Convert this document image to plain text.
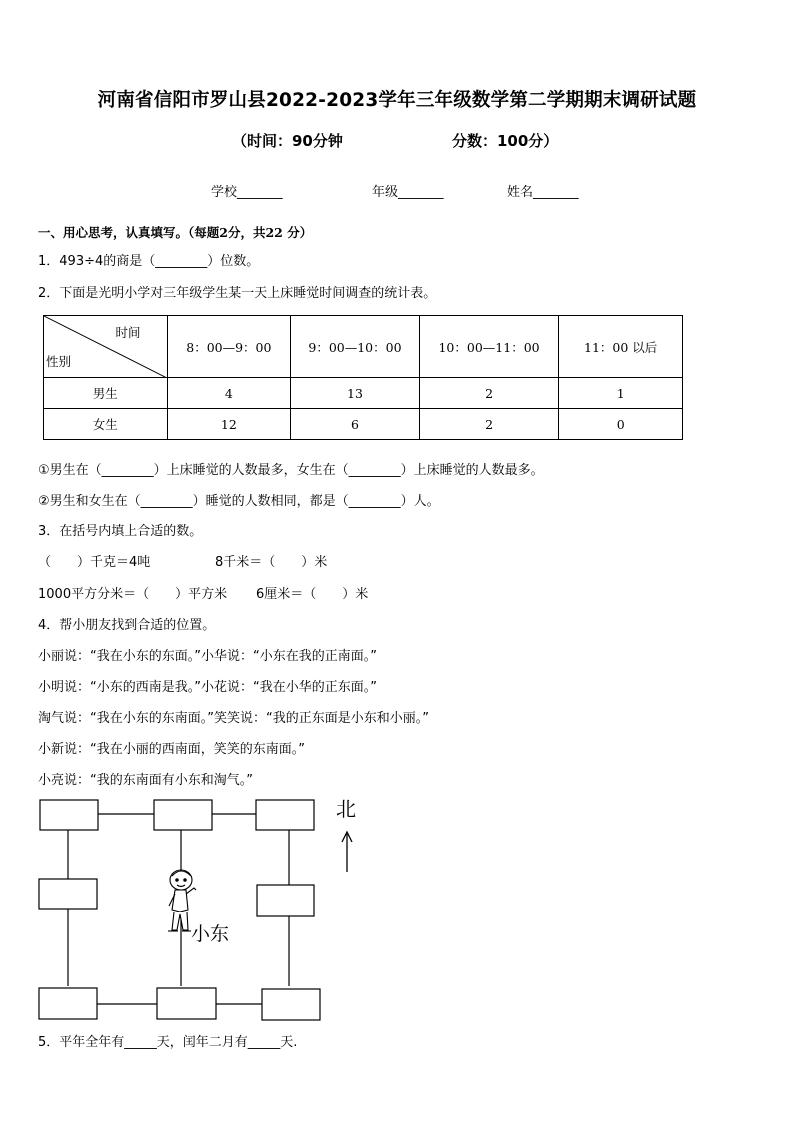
河南省信阳市罗山县2022-2023学年三年级数学第二学期期末调研试题
（时间：90分钟	分数：100分）
学校_______	年级_______	姓名_______
一、用心思考，认真填写。（每题2分，共22 分）
1．493÷4的商是（________）位数。
2．下面是光明小学对三年级学生某一天上床睡觉时间调查的统计表。
时间
性别	8：00—9：00	9：00—10：00	10：00—11：00	11：00 以后
男生	4	13	2	1
女生	12	6	2	0
①男生在（________）上床睡觉的人数最多，女生在（________）上床睡觉的人数最多。
②男生和女生在（________）睡觉的人数相同，都是（________）人。
3．在括号内填上合适的数。
（　　）千克＝4吨	8千米＝（　　）米
1000平方分米＝（　　）平方米 6厘米＝（　　）米
4．帮小朋友找到合适的位置。
小丽说：“我在小东的东面。”小华说：“小东在我的正南面。”
小明说：“小东的西南是我。”小花说：“我在小华的正东面。”
淘气说：“我在小东的东南面。”笑笑说：“我的正东面是小东和小丽。”
小新说：“我在小丽的西南面，笑笑的东南面。”
小亮说：“我的东南面有小东和淘气。”
小东
北
5．平年全年有_____天，闰年二月有_____天.
